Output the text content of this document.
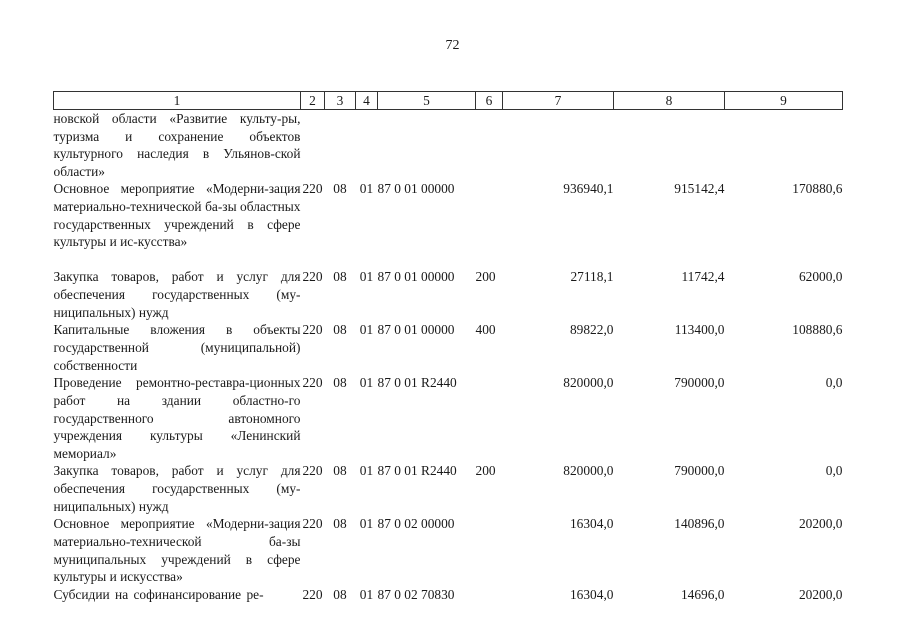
72
1	2	3	4	5	6	7	8	9
новской области «Развитие культу-ры, туризма и сохранение объектов культурного наследия в Ульянов-ской области»								
Основное мероприятие «Модерни-зация материально-технической ба-зы областных государственных учреждений в сфере культуры и ис-кусства»	220	08	01	87 0 01 00000		936940,1	915142,4	170880,6
Закупка товаров, работ и услуг для обеспечения государственных (му-ниципальных) нужд	220	08	01	87 0 01 00000	200	27118,1	11742,4	62000,0
Капитальные вложения в объекты государственной (муниципальной) собственности	220	08	01	87 0 01 00000	400	89822,0	113400,0	108880,6
Проведение ремонтно-реставра-ционных работ на здании областно-го государственного автономного учреждения культуры «Ленинский мемориал»	220	08	01	87 0 01 R2440		820000,0	790000,0	0,0
Закупка товаров, работ и услуг для обеспечения государственных (му-ниципальных) нужд	220	08	01	87 0 01 R2440	200	820000,0	790000,0	0,0
Основное мероприятие «Модерни-зация материально-технической ба-зы муниципальных учреждений в сфере культуры и искусства»	220	08	01	87 0 02 00000		16304,0	140896,0	20200,0
Субсидии на софинансирование ре-	220	08	01	87 0 02 70830		16304,0	14696,0	20200,0
